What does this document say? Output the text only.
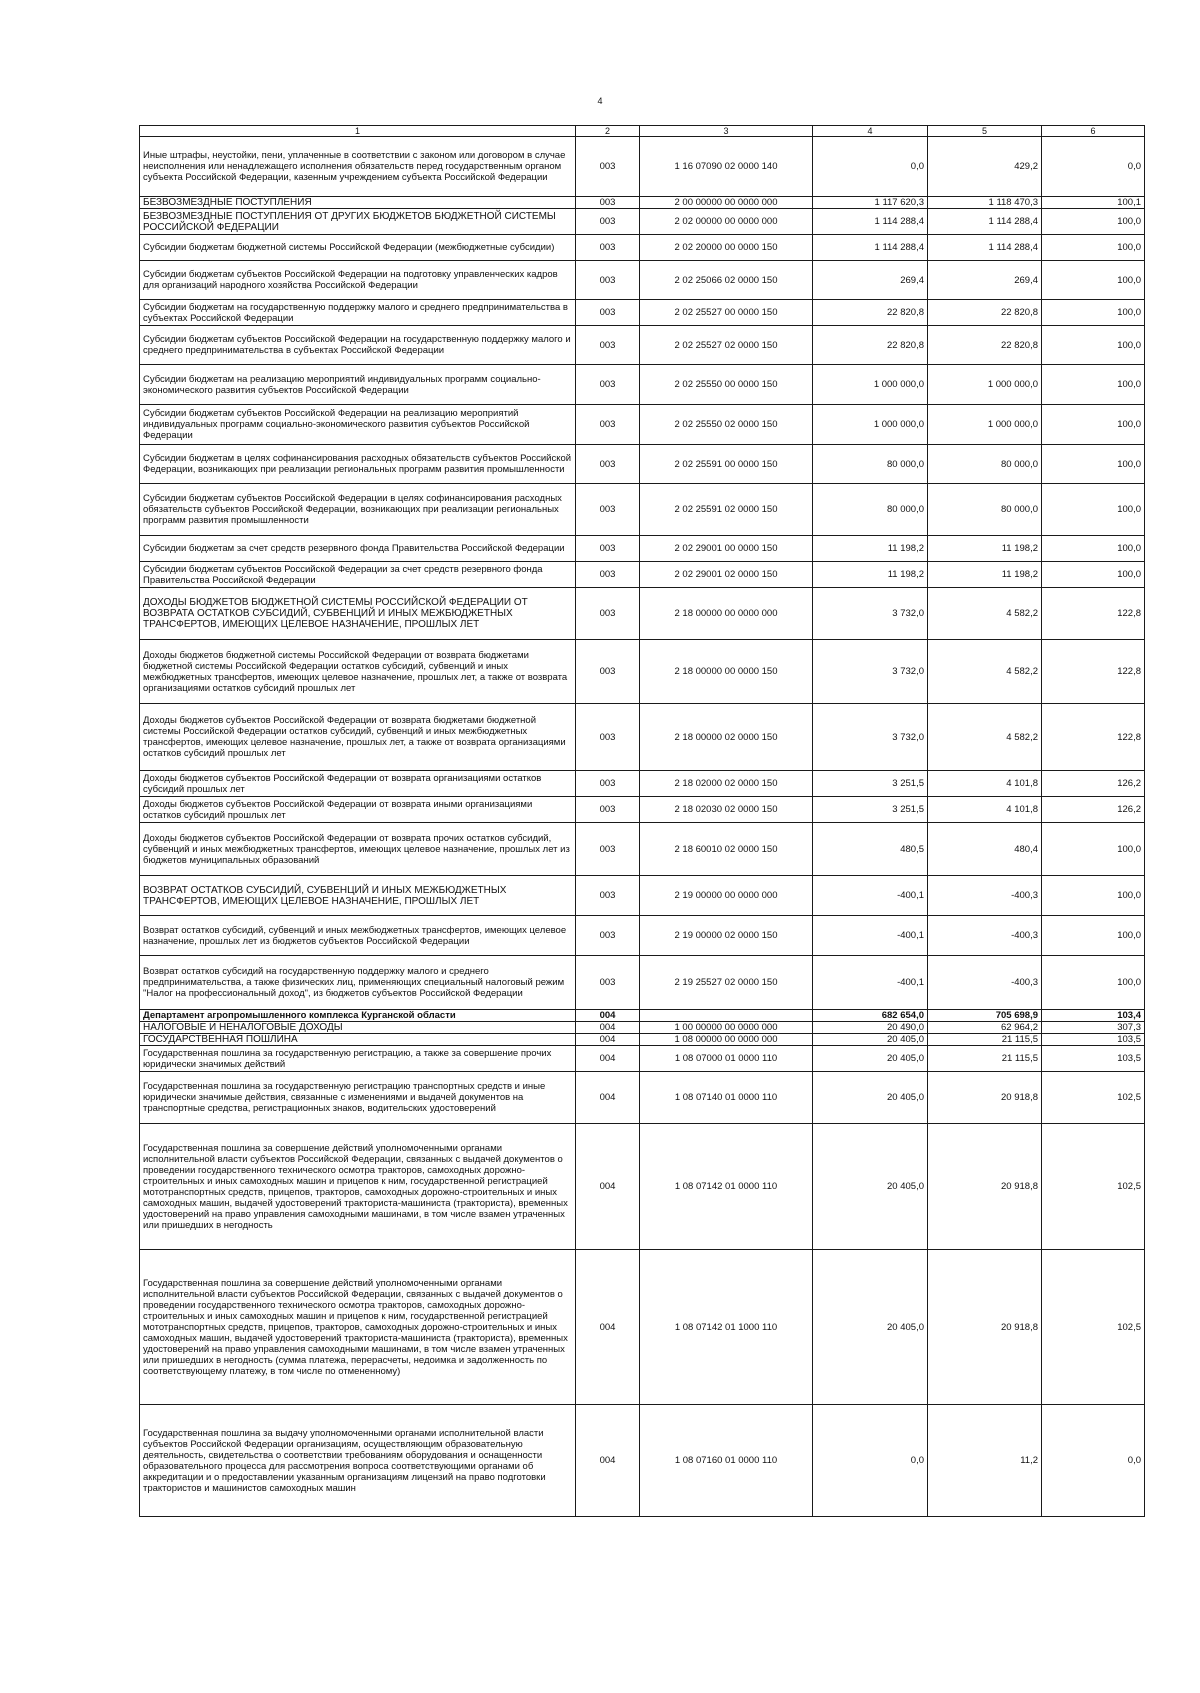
4
1	2	3	4	5	6
Иные штрафы, неустойки, пени, уплаченные в соответствии с законом или договором в случае неисполнения или ненадлежащего исполнения обязательств перед государственным органом субъекта Российской Федерации, казенным учреждением субъекта Российской Федерации	003	1 16 07090 02 0000 140	0,0	429,2	0,0
БЕЗВОЗМЕЗДНЫЕ ПОСТУПЛЕНИЯ	003	2 00 00000 00 0000 000	1 117 620,3	1 118 470,3	100,1
БЕЗВОЗМЕЗДНЫЕ ПОСТУПЛЕНИЯ ОТ ДРУГИХ БЮДЖЕТОВ БЮДЖЕТНОЙ СИСТЕМЫ РОССИЙСКОЙ ФЕДЕРАЦИИ	003	2 02 00000 00 0000 000	1 114 288,4	1 114 288,4	100,0
Субсидии бюджетам бюджетной системы Российской Федерации (межбюджетные субсидии)	003	2 02 20000 00 0000 150	1 114 288,4	1 114 288,4	100,0
Субсидии бюджетам субъектов Российской Федерации на подготовку управленческих кадров для организаций народного хозяйства Российской Федерации	003	2 02 25066 02 0000 150	269,4	269,4	100,0
Субсидии бюджетам на государственную поддержку малого и среднего предпринимательства в субъектах Российской Федерации	003	2 02 25527 00 0000 150	22 820,8	22 820,8	100,0
Субсидии бюджетам субъектов Российской Федерации на государственную поддержку малого и среднего предпринимательства в субъектах Российской Федерации	003	2 02 25527 02 0000 150	22 820,8	22 820,8	100,0
Субсидии бюджетам на реализацию мероприятий индивидуальных программ социально-экономического развития субъектов Российской Федерации	003	2 02 25550 00 0000 150	1 000 000,0	1 000 000,0	100,0
Субсидии бюджетам субъектов Российской Федерации на реализацию мероприятий индивидуальных программ социально-экономического развития субъектов Российской Федерации	003	2 02 25550 02 0000 150	1 000 000,0	1 000 000,0	100,0
Субсидии бюджетам в целях софинансирования расходных обязательств субъектов Российской Федерации, возникающих при реализации региональных программ развития промышленности	003	2 02 25591 00 0000 150	80 000,0	80 000,0	100,0
Субсидии бюджетам субъектов Российской Федерации в целях софинансирования расходных обязательств субъектов Российской Федерации, возникающих при реализации региональных программ развития промышленности	003	2 02 25591 02 0000 150	80 000,0	80 000,0	100,0
Субсидии бюджетам за счет средств резервного фонда Правительства Российской Федерации	003	2 02 29001 00 0000 150	11 198,2	11 198,2	100,0
Субсидии бюджетам субъектов Российской Федерации за счет средств резервного фонда Правительства Российской Федерации	003	2 02 29001 02 0000 150	11 198,2	11 198,2	100,0
ДОХОДЫ БЮДЖЕТОВ БЮДЖЕТНОЙ СИСТЕМЫ РОССИЙСКОЙ ФЕДЕРАЦИИ ОТ ВОЗВРАТА ОСТАТКОВ СУБСИДИЙ, СУБВЕНЦИЙ И ИНЫХ МЕЖБЮДЖЕТНЫХ ТРАНСФЕРТОВ, ИМЕЮЩИХ ЦЕЛЕВОЕ НАЗНАЧЕНИЕ, ПРОШЛЫХ ЛЕТ	003	2 18 00000 00 0000 000	3 732,0	4 582,2	122,8
Доходы бюджетов бюджетной системы Российской Федерации от возврата бюджетами бюджетной системы Российской Федерации остатков субсидий, субвенций и иных межбюджетных трансфертов, имеющих целевое назначение, прошлых лет, а также от возврата организациями остатков субсидий прошлых лет	003	2 18 00000 00 0000 150	3 732,0	4 582,2	122,8
Доходы бюджетов субъектов Российской Федерации от возврата бюджетами бюджетной системы Российской Федерации остатков субсидий, субвенций и иных межбюджетных трансфертов, имеющих целевое назначение, прошлых лет, а также от возврата организациями остатков субсидий прошлых лет	003	2 18 00000 02 0000 150	3 732,0	4 582,2	122,8
Доходы бюджетов субъектов Российской Федерации от возврата организациями остатков субсидий прошлых лет	003	2 18 02000 02 0000 150	3 251,5	4 101,8	126,2
Доходы бюджетов субъектов Российской Федерации от возврата иными организациями остатков субсидий прошлых лет	003	2 18 02030 02 0000 150	3 251,5	4 101,8	126,2
Доходы бюджетов субъектов Российской Федерации от возврата прочих остатков субсидий, субвенций и иных межбюджетных трансфертов, имеющих целевое назначение, прошлых лет из бюджетов муниципальных образований	003	2 18 60010 02 0000 150	480,5	480,4	100,0
ВОЗВРАТ ОСТАТКОВ СУБСИДИЙ, СУБВЕНЦИЙ И ИНЫХ МЕЖБЮДЖЕТНЫХ ТРАНСФЕРТОВ, ИМЕЮЩИХ ЦЕЛЕВОЕ НАЗНАЧЕНИЕ, ПРОШЛЫХ ЛЕТ	003	2 19 00000 00 0000 000	-400,1	-400,3	100,0
Возврат остатков субсидий, субвенций и иных межбюджетных трансфертов, имеющих целевое назначение, прошлых лет из бюджетов субъектов Российской Федерации	003	2 19 00000 02 0000 150	-400,1	-400,3	100,0
Возврат остатков субсидий на государственную поддержку малого и среднего предпринимательства, а также физических лиц, применяющих специальный налоговый режим "Налог на профессиональный доход", из бюджетов субъектов Российской Федерации	003	2 19 25527 02 0000 150	-400,1	-400,3	100,0
Департамент агропромышленного комплекса Курганской области	004		682 654,0	705 698,9	103,4
НАЛОГОВЫЕ И НЕНАЛОГОВЫЕ ДОХОДЫ	004	1 00 00000 00 0000 000	20 490,0	62 964,2	307,3
ГОСУДАРСТВЕННАЯ ПОШЛИНА	004	1 08 00000 00 0000 000	20 405,0	21 115,5	103,5
Государственная пошлина за государственную регистрацию, а также за совершение прочих юридически значимых действий	004	1 08 07000 01 0000 110	20 405,0	21 115,5	103,5
Государственная пошлина за государственную регистрацию транспортных средств и иные юридически значимые действия, связанные с изменениями и выдачей документов на транспортные средства, регистрационных знаков, водительских удостоверений	004	1 08 07140 01 0000 110	20 405,0	20 918,8	102,5
Государственная пошлина за совершение действий уполномоченными органами исполнительной власти субъектов Российской Федерации, связанных с выдачей документов о проведении государственного технического осмотра тракторов, самоходных дорожно-строительных и иных самоходных машин и прицепов к ним, государственной регистрацией мототранспортных средств, прицепов, тракторов, самоходных дорожно-строительных и иных самоходных машин, выдачей удостоверений тракториста-машиниста (тракториста), временных удостоверений на право управления самоходными машинами, в том числе взамен утраченных или пришедших в негодность	004	1 08 07142 01 0000 110	20 405,0	20 918,8	102,5
Государственная пошлина за совершение действий уполномоченными органами исполнительной власти субъектов Российской Федерации, связанных с выдачей документов о проведении государственного технического осмотра тракторов, самоходных дорожно-строительных и иных самоходных машин и прицепов к ним, государственной регистрацией мототранспортных средств, прицепов, тракторов, самоходных дорожно-строительных и иных самоходных машин, выдачей удостоверений тракториста-машиниста (тракториста), временных удостоверений на право управления самоходными машинами, в том числе взамен утраченных или пришедших в негодность (сумма платежа, перерасчеты, недоимка и задолженность по соответствующему платежу, в том числе по отмененному)	004	1 08 07142 01 1000 110	20 405,0	20 918,8	102,5
Государственная пошлина за выдачу уполномоченными органами исполнительной власти субъектов Российской Федерации организациям, осуществляющим образовательную деятельность, свидетельства о соответствии требованиям оборудования и оснащенности образовательного процесса для рассмотрения вопроса соответствующими органами об аккредитации и о предоставлении указанным организациям лицензий на право подготовки трактористов и машинистов самоходных машин	004	1 08 07160 01 0000 110	0,0	11,2	0,0
